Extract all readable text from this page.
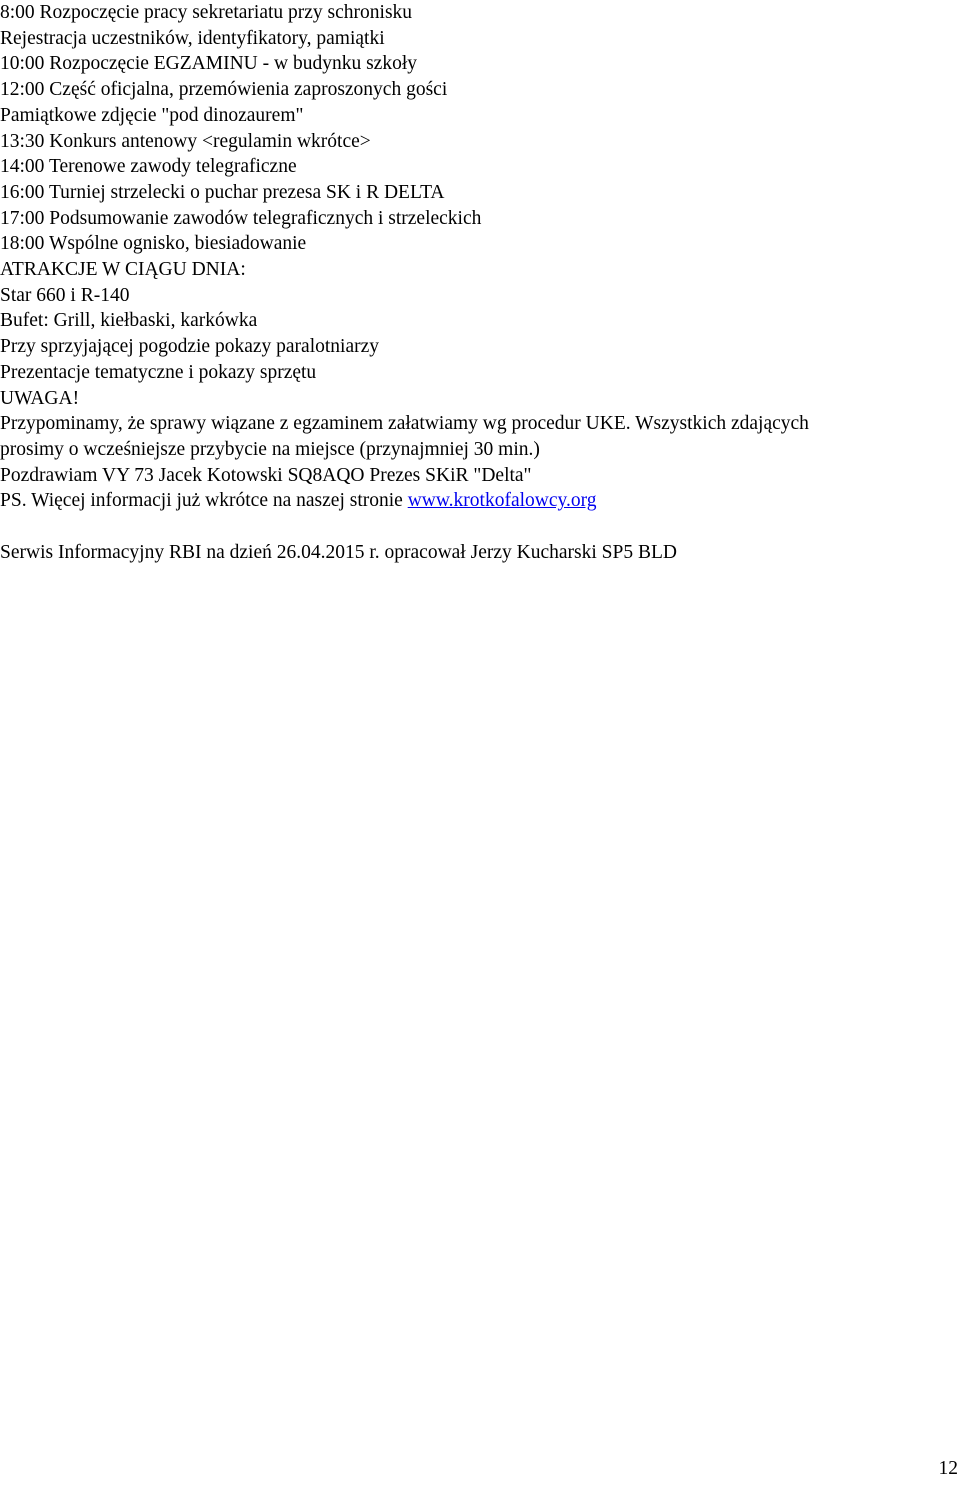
8:00 Rozpoczęcie pracy sekretariatu przy schronisku
Rejestracja uczestników, identyfikatory, pamiątki
10:00 Rozpoczęcie EGZAMINU - w budynku szkoły
12:00 Część oficjalna, przemówienia zaproszonych gości
Pamiątkowe zdjęcie "pod dinozaurem"
13:30 Konkurs antenowy <regulamin wkrótce>
14:00 Terenowe zawody telegraficzne
16:00 Turniej strzelecki o puchar prezesa SK i R DELTA
17:00 Podsumowanie zawodów telegraficznych i strzeleckich
18:00 Wspólne ognisko, biesiadowanie
ATRAKCJE W CIĄGU DNIA:
Star 660 i R-140
Bufet: Grill, kiełbaski, karkówka
Przy sprzyjającej pogodzie pokazy paralotniarzy
Prezentacje tematyczne i pokazy sprzętu
UWAGA!
Przypominamy, że sprawy wiązane z egzaminem załatwiamy wg procedur UKE. Wszystkich zdających
prosimy o wcześniejsze przybycie na miejsce (przynajmniej 30 min.)
Pozdrawiam VY 73 Jacek Kotowski SQ8AQO Prezes SKiR "Delta"
PS. Więcej informacji już wkrótce na naszej stronie www.krotkofalowcy.org
Serwis Informacyjny RBI na dzień 26.04.2015 r. opracował Jerzy Kucharski SP5 BLD
12
